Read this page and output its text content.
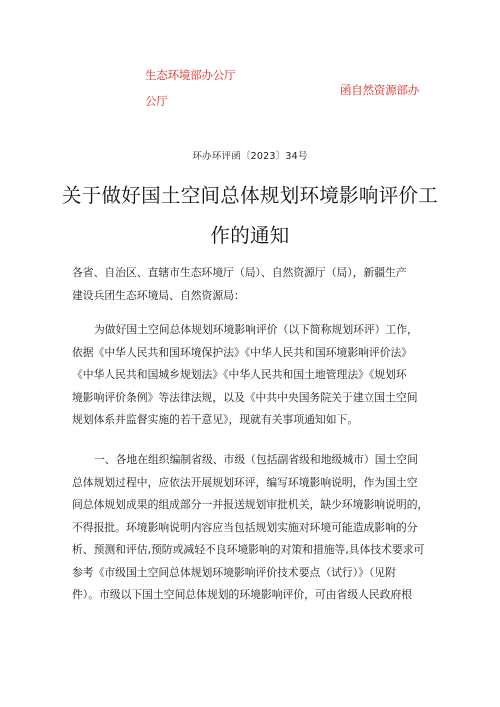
生态环境部办公厅
公厅
函自然资源部办
环办环评函〔2023〕34号
关于做好国土空间总体规划环境影响评价工
作的通知
各省、自治区、直辖市生态环境厅（局）、自然资源厅（局），新疆生产
建设兵团生态环境局、自然资源局：
为做好国土空间总体规划环境影响评价（以下简称规划环评）工作，
依据《中华人民共和国环境保护法》《中华人民共和国环境影响评价法》
《中华人民共和国城乡规划法》《中华人民共和国土地管理法》《规划环
境影响评价条例》等法律法规，以及《中共中央国务院关于建立国土空间
规划体系并监督实施的若干意见》，现就有关事项通知如下。
一、各地在组织编制省级、市级（包括副省级和地级城市）国土空间
总体规划过程中，应依法开展规划环评，编写环境影响说明，作为国土空
间总体规划成果的组成部分一并报送规划审批机关，缺少环境影响说明的，
不得报批。环境影响说明内容应当包括规划实施对环境可能造成影响的分
析、预测和评估,预防或减轻不良环境影响的对策和措施等,具体技术要求可
参考《市级国土空间总体规划环境影响评价技术要点（试行）》（见附
件）。市级以下国土空间总体规划的环境影响评价，可由省级人民政府根
